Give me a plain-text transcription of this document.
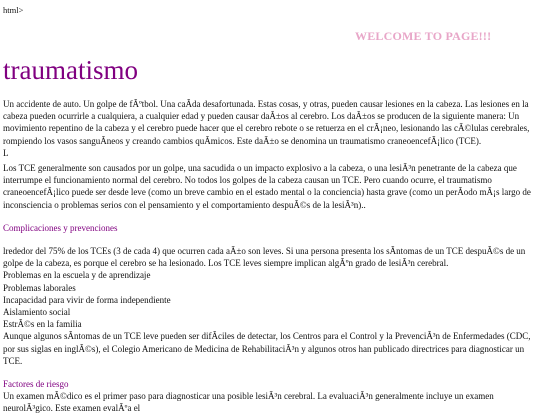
html>
WELCOME TO PAGE!!!
traumatismo

Un accidente de auto. Un golpe de fÃºtbol. Una caÃda desafortunada. Estas cosas, y otras, pueden causar lesiones en la cabeza. Las lesiones en la cabeza pueden ocurrirle a cualquiera, a cualquier edad y pueden causar daÃ±os al cerebro. Los daÃ±os se producen de la siguiente manera: Un movimiento repentino de la cabeza y el cerebro puede hacer que el cerebro rebote o se retuerza en el crÃ¡neo, lesionando las cÃ©lulas cerebrales, rompiendo los vasos sanguÃneos y creando cambios quÃmicos. Este daÃ±o se denomina un traumatismo craneoencefÃ¡lico (TCE).

L

Los TCE generalmente son causados por un golpe, una sacudida o un impacto explosivo a la cabeza, o una lesiÃ³n penetrante de la cabeza que interrumpe el funcionamiento normal del cerebro. No todos los golpes de la cabeza causan un TCE. Pero cuando ocurre, el traumatismo craneoencefÃ¡lico puede ser desde leve (como un breve cambio en el estado mental o la conciencia) hasta grave (como un perÃodo mÃ¡s largo de inconsciencia o problemas serios con el pensamiento y el comportamiento despuÃ©s de la lesiÃ³n)..

Complicaciones y prevenciones

lrededor del 75% de los TCEs (3 de cada 4) que ocurren cada aÃ±o son leves. Si una persona presenta los sÃntomas de un TCE despuÃ©s de un golpe de la cabeza, es porque el cerebro se ha lesionado. Los TCE leves siempre implican algÃºn grado de lesiÃ³n cerebral.

Problemas en la escuela y de aprendizaje
Problemas laborales
Incapacidad para vivir de forma independiente
Aislamiento social
EstrÃ©s en la familia

Aunque algunos sÃntomas de un TCE leve pueden ser difÃciles de detectar, los Centros para el Control y la PrevenciÃ³n de Enfermedades (CDC, por sus siglas en inglÃ©s), el Colegio Americano de Medicina de RehabilitaciÃ³n y algunos otros han publicado directrices para diagnosticar un TCE.

Factores de riesgo

Un examen mÃ©dico es el primer paso para diagnosticar una posible lesiÃ³n cerebral. La evaluaciÃ³n generalmente incluye un examen neurolÃ³gico. Este examen evalÃºa el
